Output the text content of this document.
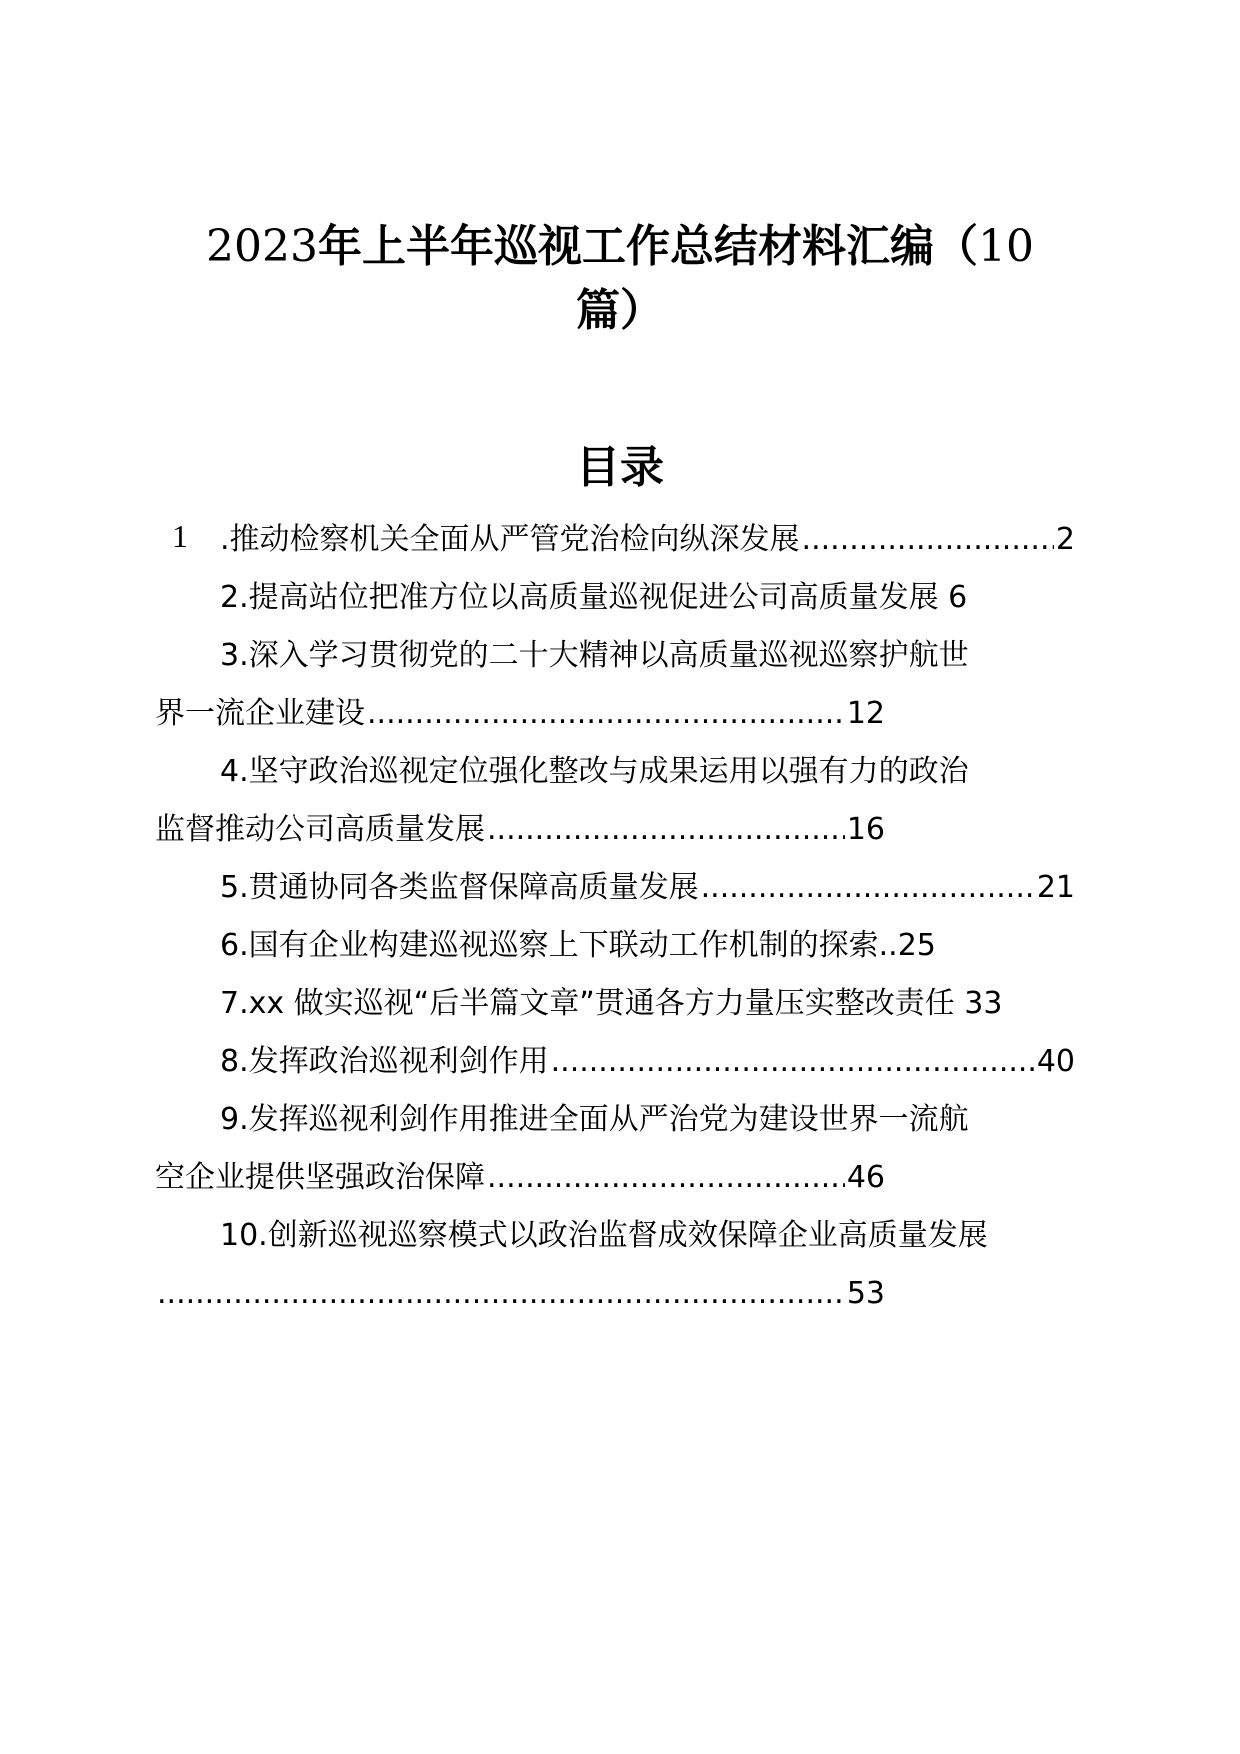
2023年上半年巡视工作总结材料汇编（10
篇）
目录
1 .推动检察机关全面从严管党治检向纵深发展 .....	2
2.提高站位把准方位以高质量巡视促进公司高质量发展 6
3.深入学习贯彻党的二十大精神以高质量巡视巡察护航世
界一流企业建设 .....	12
4.坚守政治巡视定位强化整改与成果运用以强有力的政治
监督推动公司高质量发展 .....	16
5.贯通协同各类监督保障高质量发展 .....	21
6.国有企业构建巡视巡察上下联动工作机制的探索..25
7.xx 做实巡视“后半篇文章”贯通各方力量压实整改责任 33
8.发挥政治巡视利剑作用 .....	40
9.发挥巡视利剑作用推进全面从严治党为建设世界一流航
空企业提供坚强政治保障 .....	46
10.创新巡视巡察模式以政治监督成效保障企业高质量发展
.....
53
